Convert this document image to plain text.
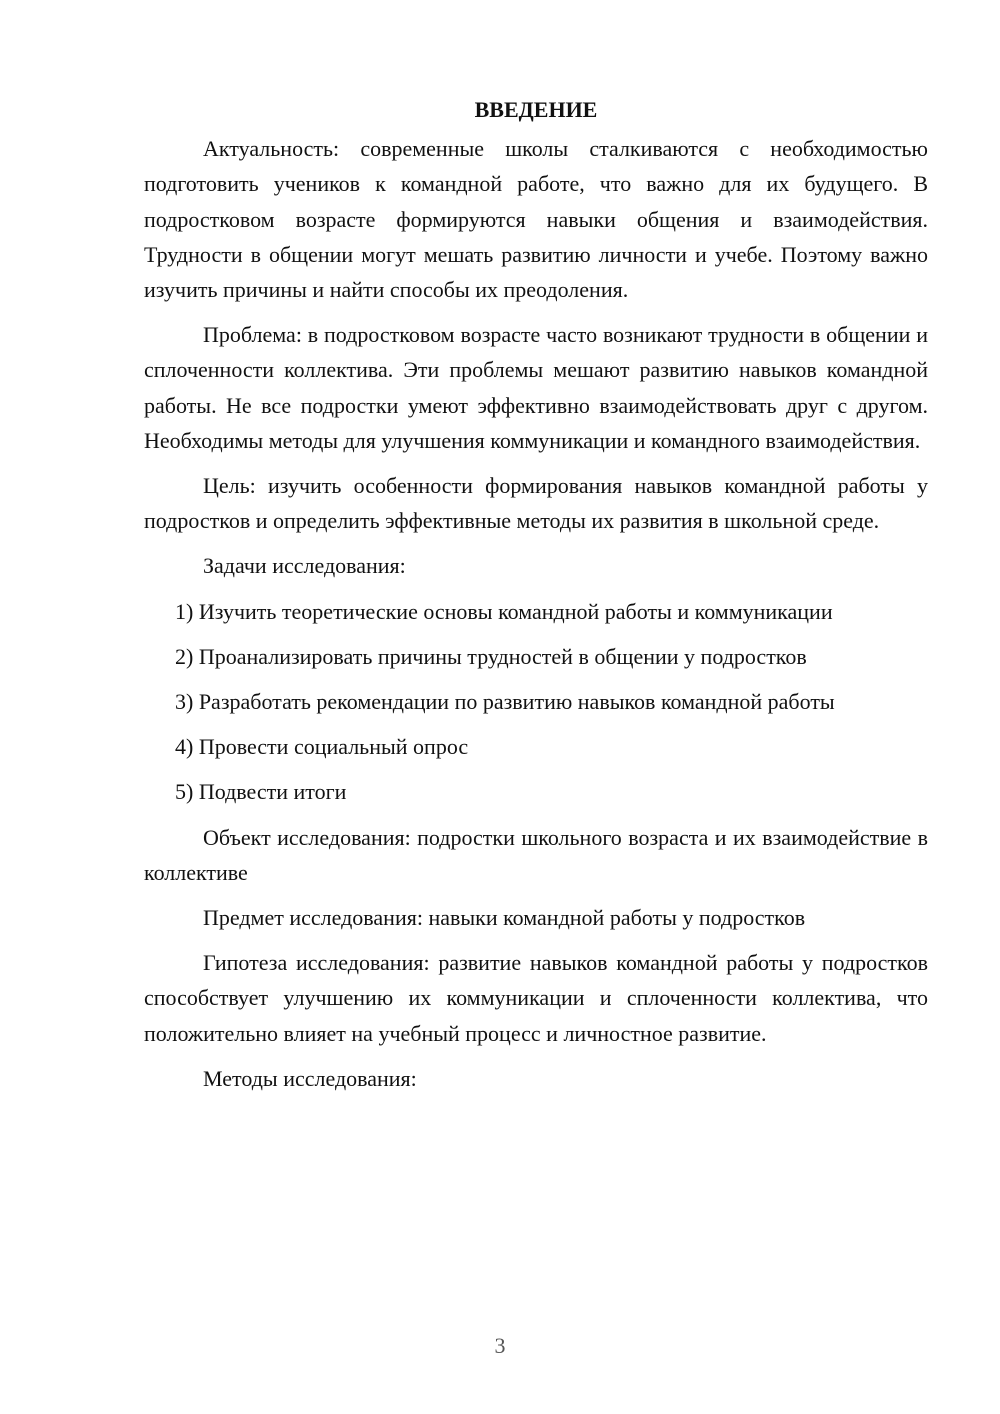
ВВЕДЕНИЕ

Актуальность: современные школы сталкиваются с необходимостью подготовить учеников к командной работе, что важно для их будущего. В подростковом возрасте формируются навыки общения и взаимодействия. Трудности в общении могут мешать развитию личности и учебе. Поэтому важно изучить причины и найти способы их преодоления.

Проблема: в подростковом возрасте часто возникают трудности в общении и сплоченности коллектива. Эти проблемы мешают развитию навыков командной работы. Не все подростки умеют эффективно взаимодействовать друг с другом. Необходимы методы для улучшения коммуникации и командного взаимодействия.

Цель: изучить особенности формирования навыков командной работы у подростков и определить эффективные методы их развития в школьной среде.

Задачи исследования:

1) Изучить теоретические основы командной работы и коммуникации

2) Проанализировать причины трудностей в общении у подростков

3) Разработать рекомендации по развитию навыков командной работы

4) Провести социальный опрос

5) Подвести итоги

Объект исследования: подростки школьного возраста и их взаимодействие в коллективе

Предмет исследования: навыки командной работы у подростков

Гипотеза исследования: развитие навыков командной работы у подростков способствует улучшению их коммуникации и сплоченности коллектива, что положительно влияет на учебный процесс и личностное развитие.

Методы исследования:

3
